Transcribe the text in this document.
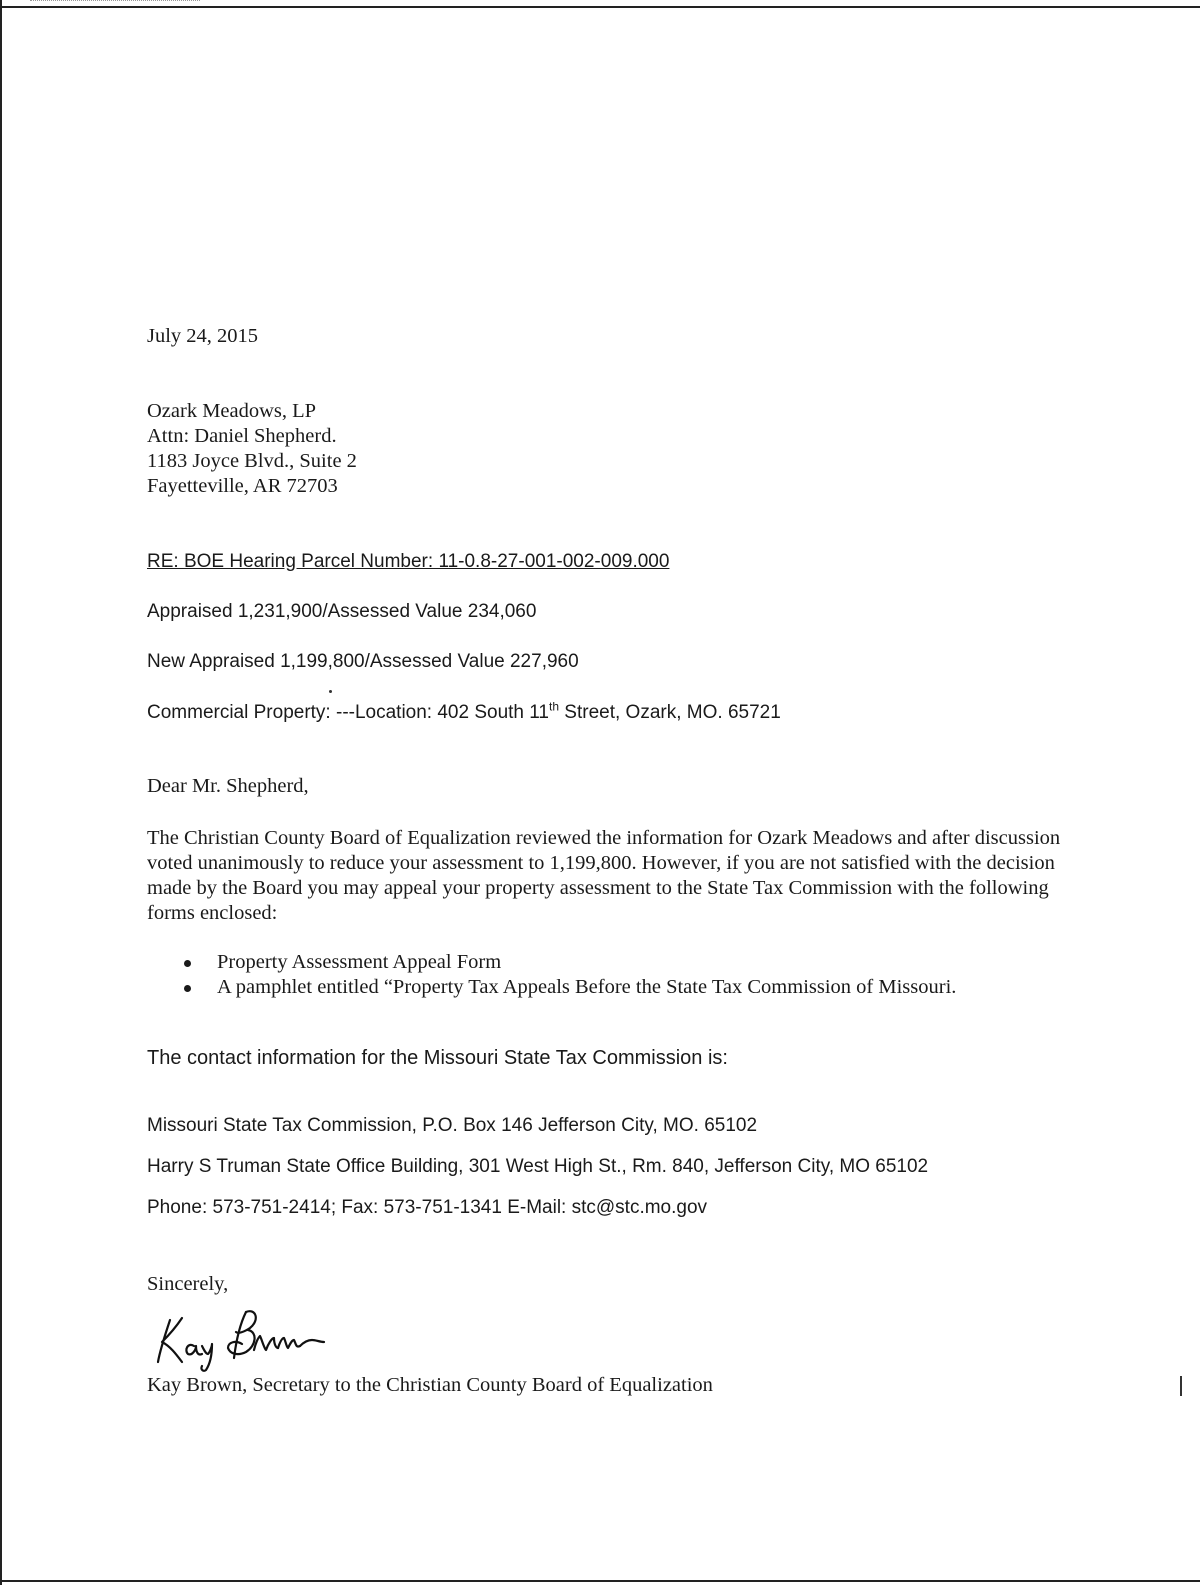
July 24, 2015

Ozark Meadows, LP
Attn: Daniel Shepherd.
1183 Joyce Blvd., Suite 2
Fayetteville, AR 72703

RE: BOE Hearing Parcel Number: 11-0.8-27-001-002-009.000

Appraised 1,231,900/Assessed Value 234,060

New Appraised 1,199,800/Assessed Value 227,960

Commercial Property: ---Location: 402 South 11th Street, Ozark, MO. 65721

Dear Mr. Shepherd,

The Christian County Board of Equalization reviewed the information for Ozark Meadows and after discussion voted unanimously to reduce your assessment to 1,199,800. However, if you are not satisfied with the decision made by the Board you may appeal your property assessment to the State Tax Commission with the following forms enclosed:

Property Assessment Appeal Form
A pamphlet entitled “Property Tax Appeals Before the State Tax Commission of Missouri.

The contact information for the Missouri State Tax Commission is:

Missouri State Tax Commission, P.O. Box 146 Jefferson City, MO. 65102

Harry S Truman State Office Building, 301 West High St., Rm. 840, Jefferson City, MO 65102

Phone: 573-751-2414; Fax: 573-751-1341 E-Mail: stc@stc.mo.gov

Sincerely,

Kay Brown, Secretary to the Christian County Board of Equalization
